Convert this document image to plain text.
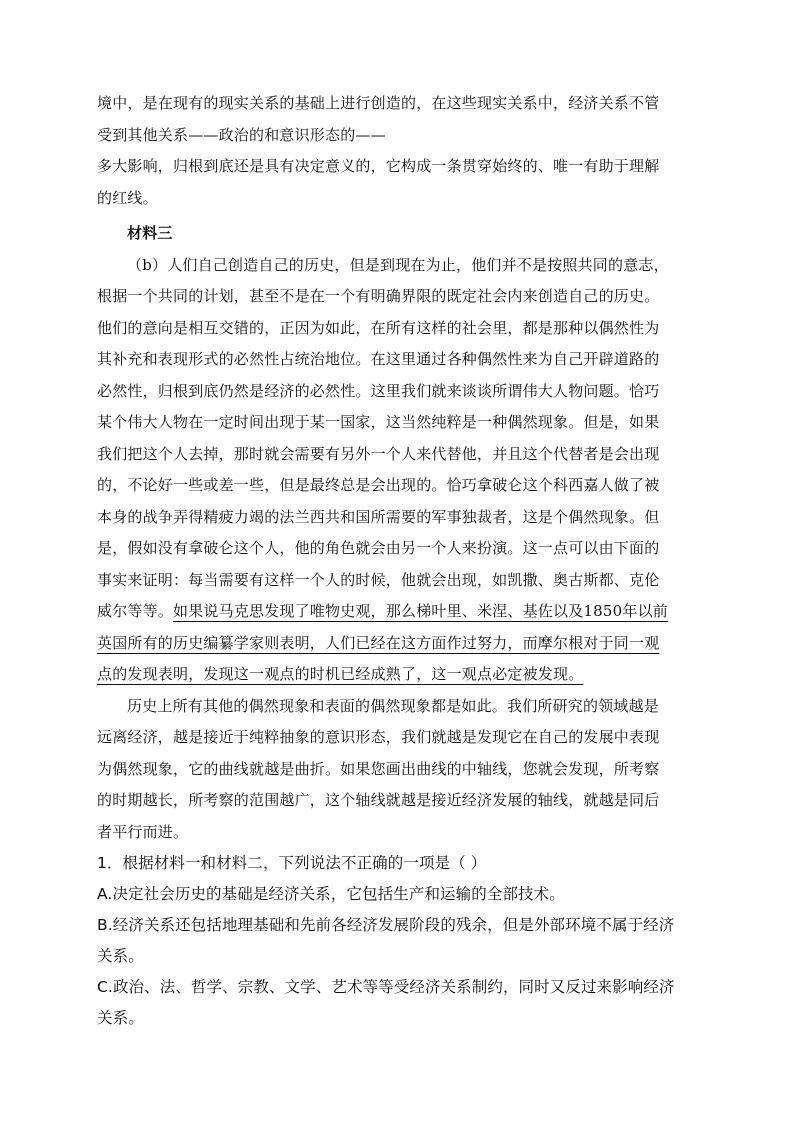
境中，是在现有的现实关系的基础上进行创造的，在这些现实关系中，经济关系不管
受到其他关系——政治的和意识形态的——
多大影响，归根到底还是具有决定意义的，它构成一条贯穿始终的、唯一有助于理解
的红线。
材料三
（b）人们自己创造自己的历史，但是到现在为止，他们并不是按照共同的意志，
根据一个共同的计划，甚至不是在一个有明确界限的既定社会内来创造自己的历史。
他们的意向是相互交错的，正因为如此，在所有这样的社会里，都是那种以偶然性为
其补充和表现形式的必然性占统治地位。在这里通过各种偶然性来为自己开辟道路的
必然性，归根到底仍然是经济的必然性。这里我们就来谈谈所谓伟大人物问题。恰巧
某个伟大人物在一定时间出现于某一国家，这当然纯粹是一种偶然现象。但是，如果
我们把这个人去掉，那时就会需要有另外一个人来代替他，并且这个代替者是会出现
的，不论好一些或差一些，但是最终总是会出现的。恰巧拿破仑这个科西嘉人做了被
本身的战争弄得精疲力竭的法兰西共和国所需要的军事独裁者，这是个偶然现象。但
是，假如没有拿破仑这个人，他的角色就会由另一个人来扮演。这一点可以由下面的
事实来证明：每当需要有这样一个人的时候，他就会出现，如凯撒、奥古斯都、克伦
威尔等等。如果说马克思发现了唯物史观，那么梯叶里、米涅、基佐以及1850年以前
英国所有的历史编纂学家则表明，人们已经在这方面作过努力，而摩尔根对于同一观
点的发现表明，发现这一观点的时机已经成熟了，这一观点必定被发现。
历史上所有其他的偶然现象和表面的偶然现象都是如此。我们所研究的领域越是
远离经济，越是接近于纯粹抽象的意识形态，我们就越是发现它在自己的发展中表现
为偶然现象，它的曲线就越是曲折。如果您画出曲线的中轴线，您就会发现，所考察
的时期越长，所考察的范围越广，这个轴线就越是接近经济发展的轴线，就越是同后
者平行而进。
1．根据材料一和材料二，下列说法不正确的一项是（ ）
A.决定社会历史的基础是经济关系，它包括生产和运输的全部技术。
B.经济关系还包括地理基础和先前各经济发展阶段的残余，但是外部环境不属于经济
关系。
C.政治、法、哲学、宗教、文学、艺术等等受经济关系制约，同时又反过来影响经济
关系。
